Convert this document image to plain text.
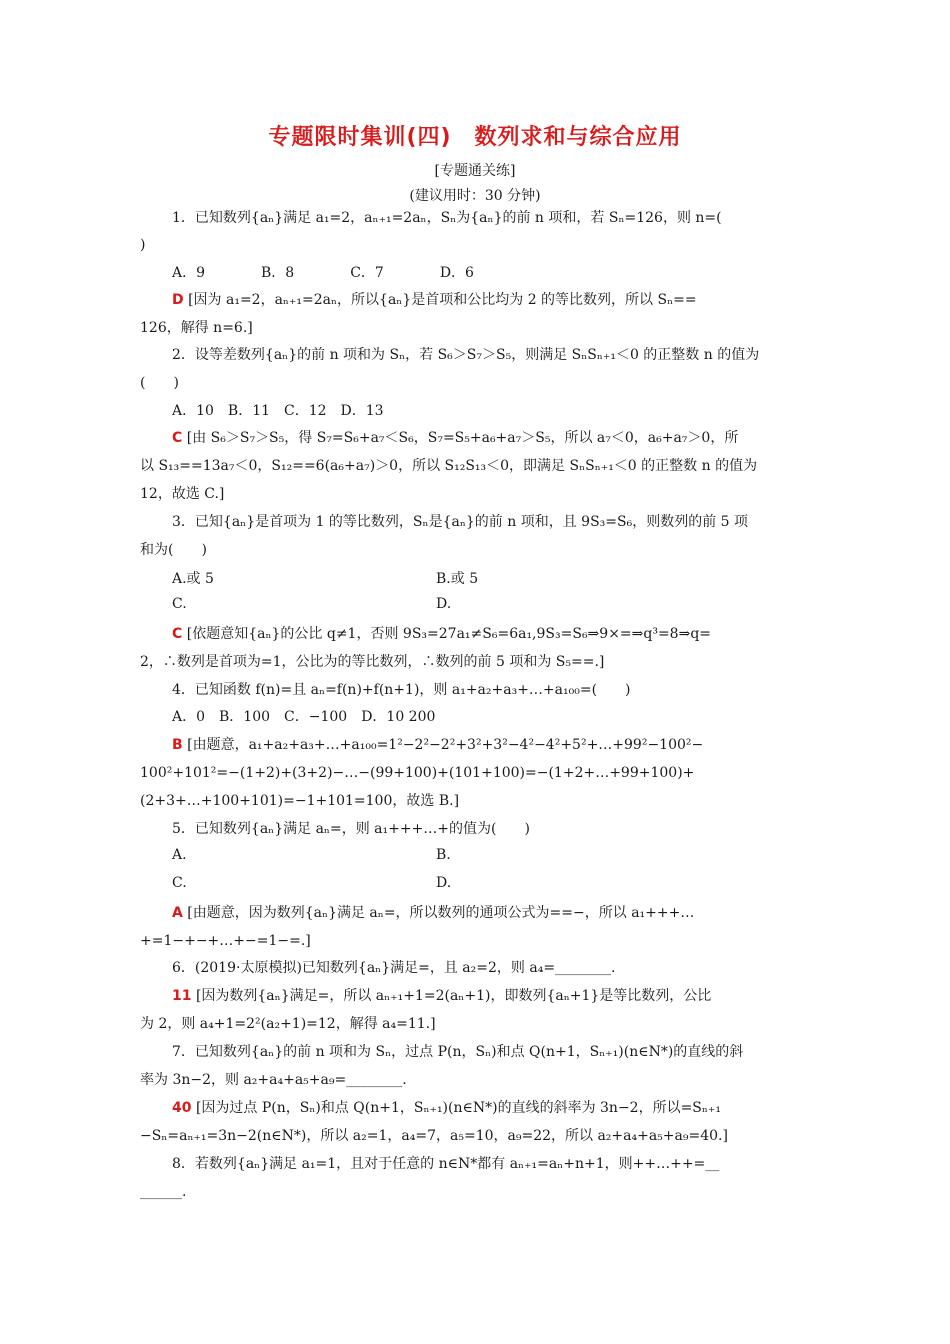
专题限时集训(四)　数列求和与综合应用
[专题通关练]
(建议用时：30 分钟)
1．已知数列{aₙ}满足 a₁=2，aₙ₊₁=2aₙ，Sₙ为{aₙ}的前 n 项和，若 Sₙ=126，则 n=(
)
A．9　　　　B．8　　　　C．7　　　　D．6
D [因为 a₁=2，aₙ₊₁=2aₙ，所以{aₙ}是首项和公比均为 2 的等比数列，所以 Sₙ==
126，解得 n=6.]
2．设等差数列{aₙ}的前 n 项和为 Sₙ，若 S₆＞S₇＞S₅，则满足 SₙSₙ₊₁＜0 的正整数 n 的值为
(　　)
A．10　B．11　C．12　D．13
C [由 S₆＞S₇＞S₅，得 S₇=S₆+a₇＜S₆，S₇=S₅+a₆+a₇＞S₅，所以 a₇＜0，a₆+a₇＞0，所
以 S₁₃==13a₇＜0，S₁₂==6(a₆+a₇)＞0，所以 S₁₂S₁₃＜0，即满足 SₙSₙ₊₁＜0 的正整数 n 的值为
12，故选 C.]
3．已知{aₙ}是首项为 1 的等比数列，Sₙ是{aₙ}的前 n 项和，且 9S₃=S₆，则数列的前 5 项
和为(　　)
A.或 5	B.或 5
C.	D.
C [依题意知{aₙ}的公比 q≠1，否则 9S₃=27a₁≠S₆=6a₁,9S₃=S₆⇒9×=⇒q³=8⇒q=
2，∴数列是首项为=1，公比为的等比数列，∴数列的前 5 项和为 S₅==.]
4．已知函数 f(n)=且 aₙ=f(n)+f(n+1)，则 a₁+a₂+a₃+…+a₁₀₀=(　　)
A．0　B．100　C．−100　D．10 200
B [由题意，a₁+a₂+a₃+…+a₁₀₀=1²−2²−2²+3²+3²−4²−4²+5²+…+99²−100²−
100²+101²=−(1+2)+(3+2)−…−(99+100)+(101+100)=−(1+2+…+99+100)+
(2+3+…+100+101)=−1+101=100，故选 B.]
5．已知数列{aₙ}满足 aₙ=，则 a₁+++…+的值为(　　)
A.	B.
C.	D.
A [由题意，因为数列{aₙ}满足 aₙ=，所以数列的通项公式为==−，所以 a₁+++…
+=1−+−+…+−=1−=.]
6．(2019·太原模拟)已知数列{aₙ}满足=，且 a₂=2，则 a₄=________.
11 [因为数列{aₙ}满足=，所以 aₙ₊₁+1=2(aₙ+1)，即数列{aₙ+1}是等比数列，公比
为 2，则 a₄+1=2²(a₂+1)=12，解得 a₄=11.]
7．已知数列{aₙ}的前 n 项和为 Sₙ，过点 P(n，Sₙ)和点 Q(n+1，Sₙ₊₁)(n∈N*)的直线的斜
率为 3n−2，则 a₂+a₄+a₅+a₉=________.
40 [因为过点 P(n，Sₙ)和点 Q(n+1，Sₙ₊₁)(n∈N*)的直线的斜率为 3n−2，所以=Sₙ₊₁
−Sₙ=aₙ₊₁=3n−2(n∈N*)，所以 a₂=1，a₄=7，a₅=10，a₉=22，所以 a₂+a₄+a₅+a₉=40.]
8．若数列{aₙ}满足 a₁=1，且对于任意的 n∈N*都有 aₙ₊₁=aₙ+n+1，则++…++=__
______.
